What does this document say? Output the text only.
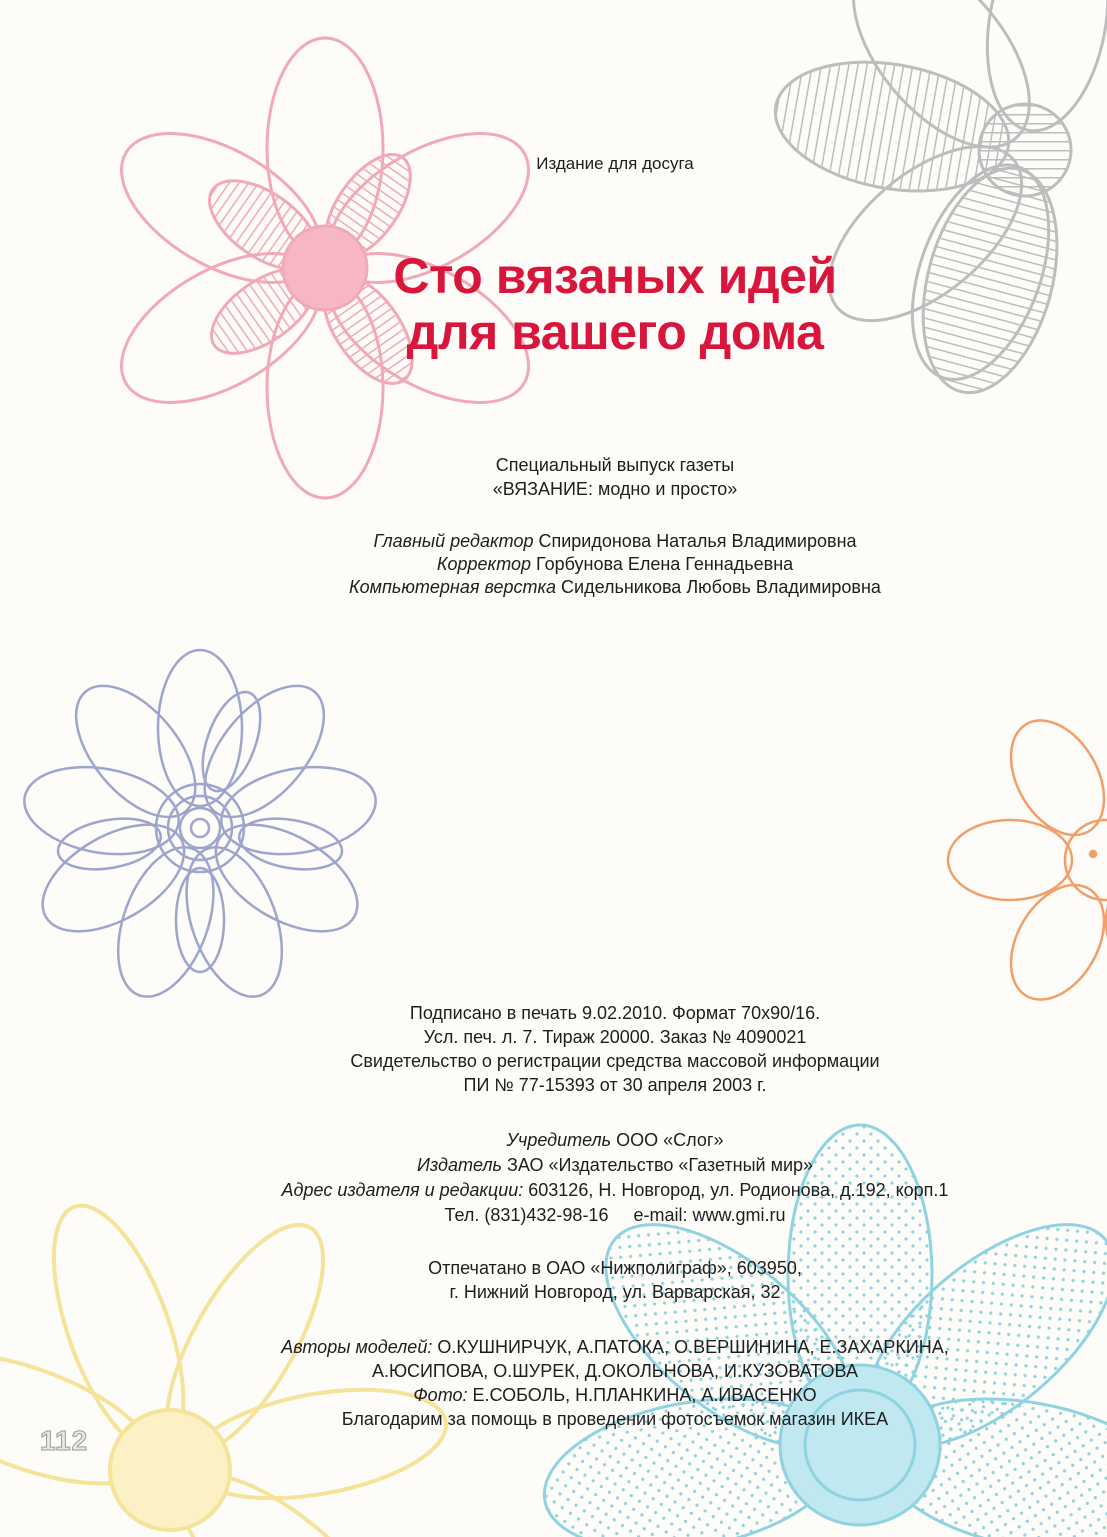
Издание для досуга
Сто вязаных идей
для вашего дома
Специальный выпуск газеты
«ВЯЗАНИЕ: модно и просто»
Главный редактор Спиридонова Наталья Владимировна
Корректор Горбунова Елена Геннадьевна
Компьютерная верстка Сидельникова Любовь Владимировна
Подписано в печать 9.02.2010. Формат 70x90/16.
Усл. печ. л. 7. Тираж 20000. Заказ № 4090021
Свидетельство о регистрации средства массовой информации
ПИ № 77-15393 от 30 апреля 2003 г.
Учредитель ООО «Слог»
Издатель ЗАО «Издательство «Газетный мир»
Адрес издателя и редакции: 603126, Н. Новгород, ул. Родионова, д.192, корп.1
Тел. (831)432-98-16 e-mail: www.gmi.ru
Отпечатано в ОАО «Нижполиграф», 603950,
г. Нижний Новгород, ул. Варварская, 32
Авторы моделей: О.КУШНИРЧУК, А.ПАТОКА, О.ВЕРШИНИНА, Е.ЗАХАРКИНА,
А.ЮСИПОВА, О.ШУРЕК, Д.ОКОЛЬНОВА, И.КУЗОВАТОВА
Фото: Е.СОБОЛЬ, Н.ПЛАНКИНА, А.ИВАСЕНКО
Благодарим за помощь в проведении фотосъемок магазин ИКЕА
112
